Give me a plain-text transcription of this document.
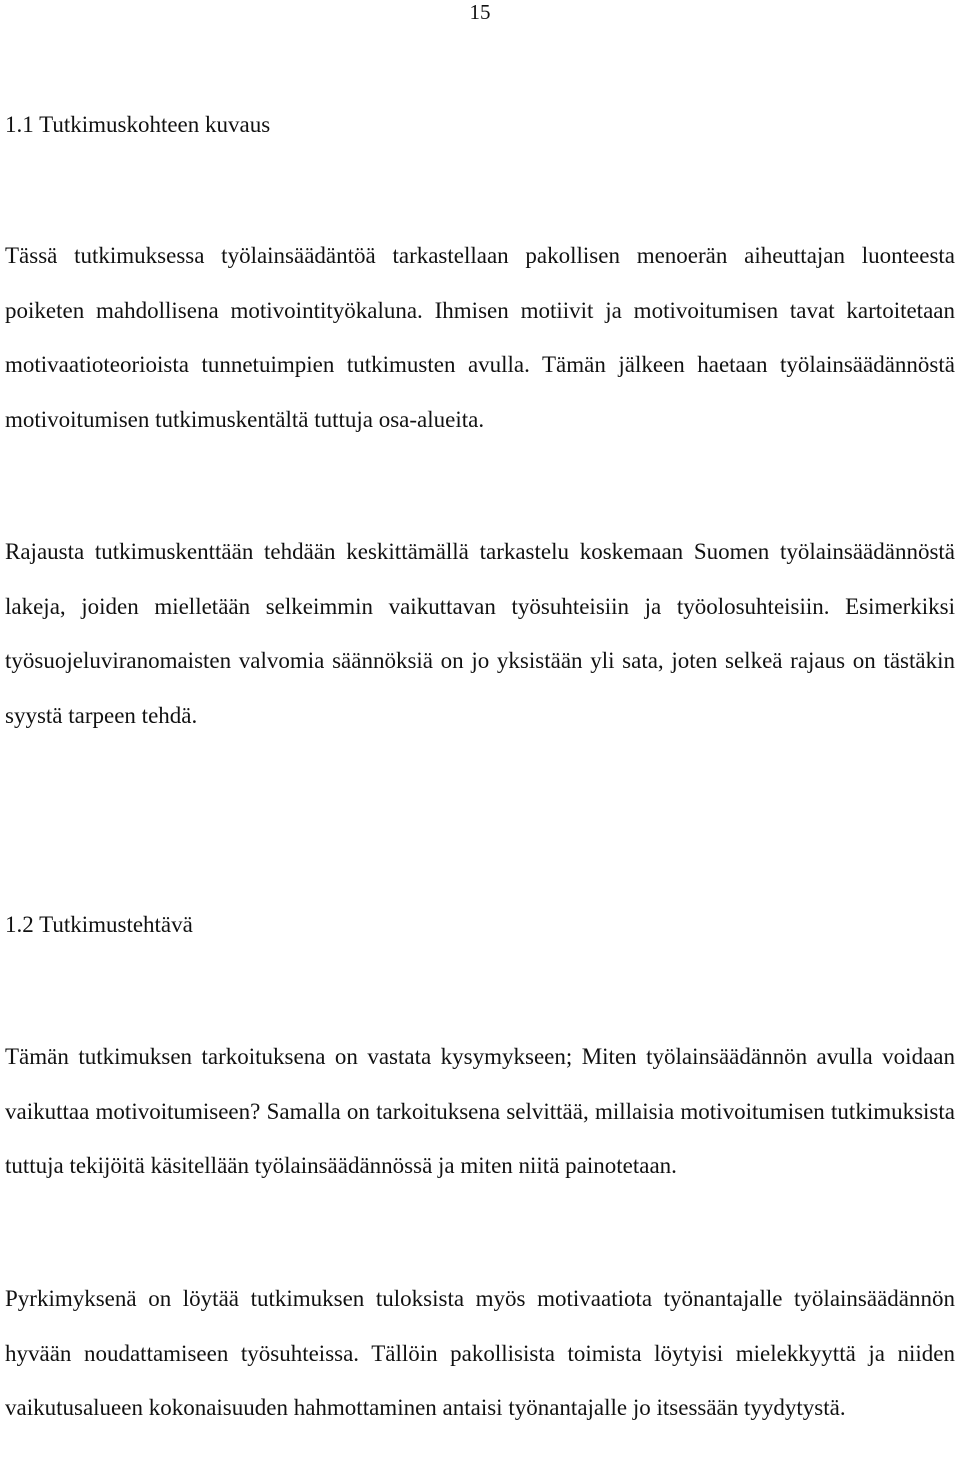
15
1.1 Tutkimuskohteen kuvaus

Tässä tutkimuksessa työlainsäädäntöä tarkastellaan pakollisen menoerän aiheuttajan luonteesta poiketen mahdollisena motivointityökaluna. Ihmisen motiivit ja motivoitumisen tavat kartoitetaan motivaatioteorioista tunnetuimpien tutkimusten avulla. Tämän jälkeen haetaan työlainsäädännöstä motivoitumisen tutkimuskentältä tuttuja osa-alueita.

Rajausta tutkimuskenttään tehdään keskittämällä tarkastelu koskemaan Suomen työlainsäädännöstä lakeja, joiden mielletään selkeimmin vaikuttavan työsuhteisiin ja työolosuhteisiin. Esimerkiksi työsuojeluviranomaisten valvomia säännöksiä on jo yksistään yli sata, joten selkeä rajaus on tästäkin syystä tarpeen tehdä.

1.2 Tutkimustehtävä

Tämän tutkimuksen tarkoituksena on vastata kysymykseen; Miten työlainsäädännön avulla voidaan vaikuttaa motivoitumiseen? Samalla on tarkoituksena selvittää, millaisia motivoitumisen tutkimuksista tuttuja tekijöitä käsitellään työlainsäädännössä ja miten niitä painotetaan.

Pyrkimyksenä on löytää tutkimuksen tuloksista myös motivaatiota työnantajalle työlainsäädännön hyvään noudattamiseen työsuhteissa. Tällöin pakollisista toimista löytyisi mielekkyyttä ja niiden vaikutusalueen kokonaisuuden hahmottaminen antaisi työnantajalle jo itsessään tyydytystä.
